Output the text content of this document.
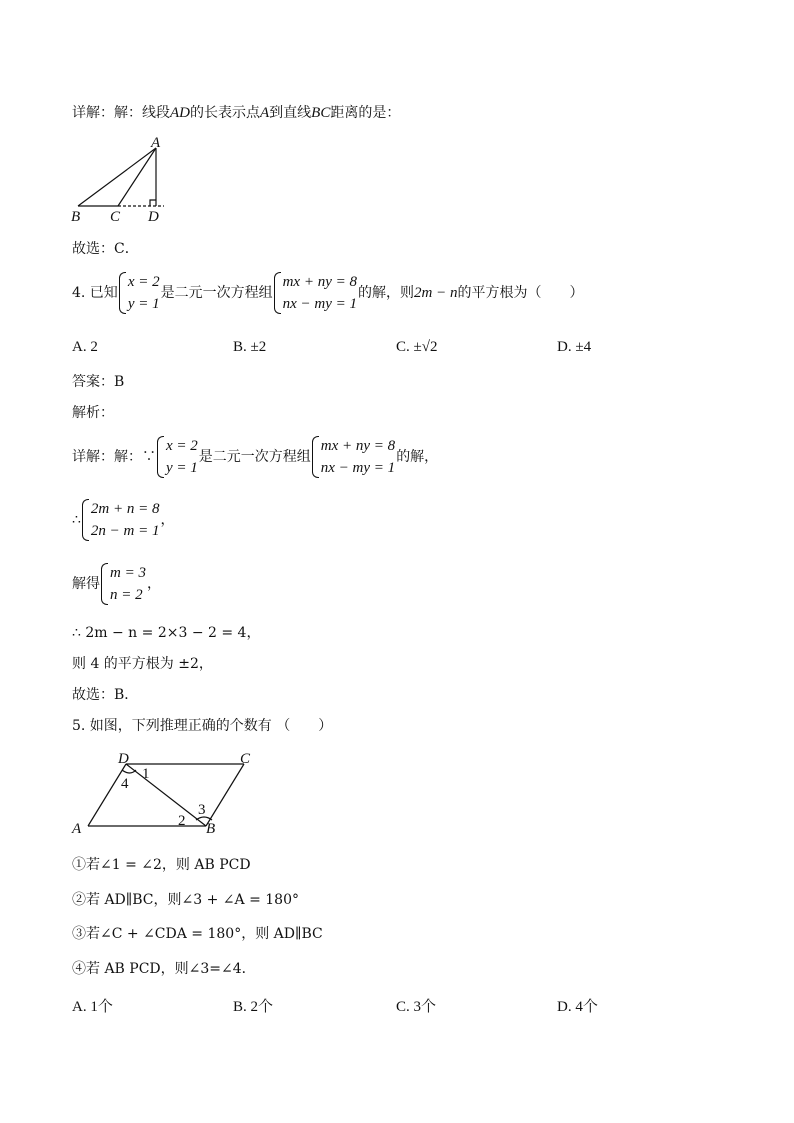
详解：解：线段AD的长表示点A到直线BC距离的是：
A
B C D
故选：C．
4. 已知
x = 2
y = 1
是二元一次方程组
mx + ny = 8
nx − my = 1
的解，则2m − n的平方根为（　　）
A. 2	B. ±2	C. ±√2	D. ±4
答案：B
解析：
详解：解：∵
x = 2
y = 1
是二元一次方程组
mx + ny = 8
nx − my = 1
的解，
∴
2m + n = 8
2n − m = 1
，
解得
m = 3
n = 2
，
∴ 2m − n = 2×3 − 2 = 4，
则 4 的平方根为 ±2，
故选：B．
5. 如图，下列推理正确的个数有 （　　）
D	C
A	B
1
4
2
3
①若∠1 = ∠2，则 AB PCD
②若 AD∥BC，则∠3 + ∠A = 180°
③若∠C + ∠CDA = 180°，则 AD∥BC
④若 AB PCD，则∠3=∠4．
A. 1个	B. 2个	C. 3个	D. 4个
